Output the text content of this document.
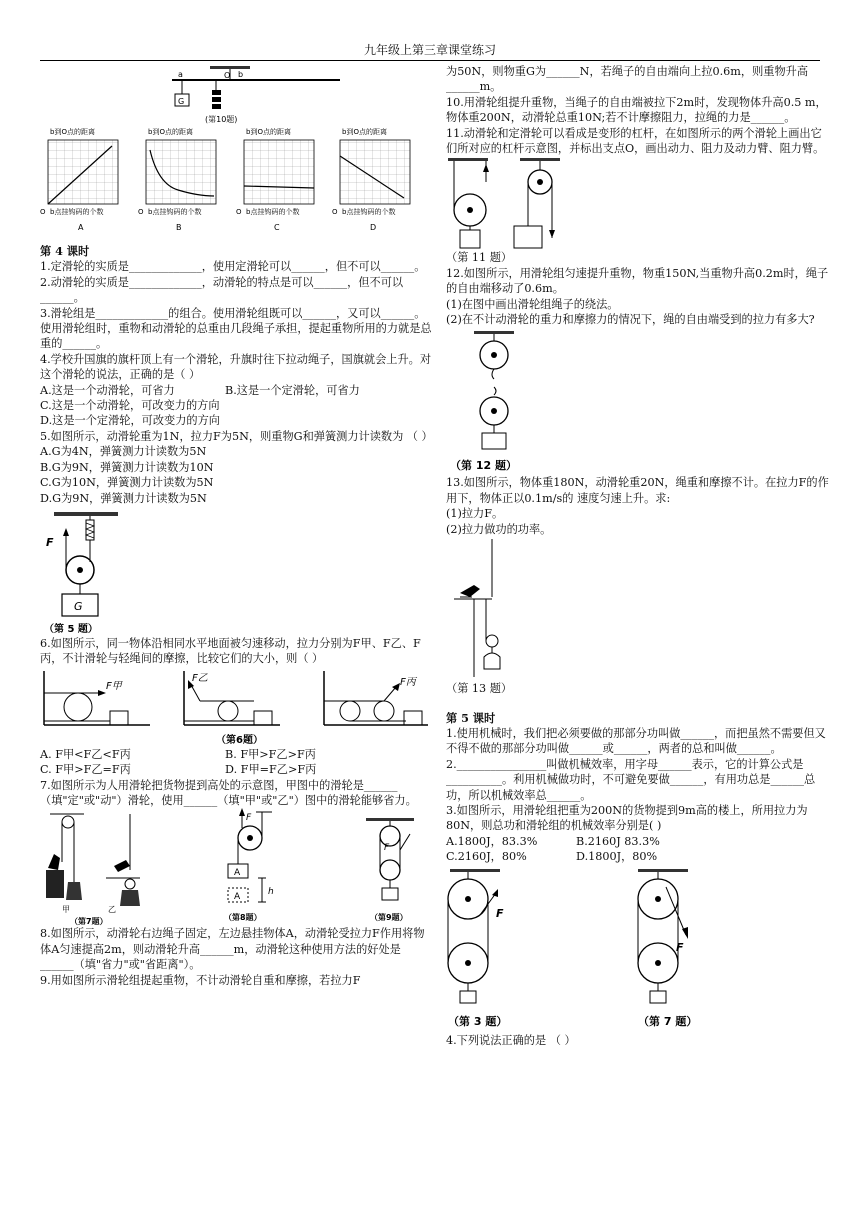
九年级上第三章课堂练习
a	O b
G
(第10题)
b到O点的距离
O b点挂钩码的个数
A
b到O点的距离
O b点挂钩码的个数
B
b到O点的距离
O b点挂钩码的个数
C
b到O点的距离
O b点挂钩码的个数
D

第 4 课时

1.定滑轮的实质是_____________，使用定滑轮可以______，但不可以______。

2.动滑轮的实质是_____________，动滑轮的特点是可以______，但不可以______。

3.滑轮组是_____________的组合。使用滑轮组既可以______，又可以______。使用滑轮组时，重物和动滑轮的总重由几段绳子承担，提起重物所用的力就是总重的______。

4.学校升国旗的旗杆顶上有一个滑轮，升旗时往下拉动绳子，国旗就会上升。对这个滑轮的说法，正确的是（ ）

A.这是一个动滑轮，可省力	B.这是一个定滑轮，可省力

C.这是一个动滑轮，可改变力的方向

D.这是一个定滑轮，可改变力的方向

5.如图所示，动滑轮重为1N，拉力F为5N，则重物G和弹簧测力计读数为 （ ）

A.G为4N，弹簧测力计读数为5N

B.G为9N，弹簧测力计读数为10N

C.G为10N，弹簧测力计读数为5N

D.G为9N，弹簧测力计读数为5N

F
G
（第 5 题）

6.如图所示，同一物体沿相同水平地面被匀速移动，拉力分别为F甲、F乙、F丙，不计滑轮与轻绳间的摩擦，比较它们的大小，则（ ）

F甲
F乙	F丙
（第6题）

A. F甲<F乙<F丙	B. F甲>F乙>F丙

C. F甲>F乙=F丙	D. F甲=F乙>F丙

7.如图所示为人用滑轮把货物提到高处的示意图，甲图中的滑轮是______（填"定"或"动"）滑轮，使用______（填"甲"或"乙"）图中的滑轮能够省力。

甲	乙
（第7题）
F
A
A	h
（第8题）
F
（第9题）

8.如图所示，动滑轮右边绳子固定，左边悬挂物体A，动滑轮受拉力F作用将物体A匀速提高2m，则动滑轮升高______m，动滑轮这种使用方法的好处是______（填"省力"或"省距离"）。

9.用如图所示滑轮组提起重物，不计动滑轮自重和摩擦，若拉力F

为50N，则物重G为______N，若绳子的自由端向上拉0.6m，则重物升高______m。

10.用滑轮组提升重物，当绳子的自由端被拉下2m时，发现物体升高0.5 m，物体重200N，动滑轮总重10N;若不计摩擦阻力，拉绳的力是______。

11.动滑轮和定滑轮可以看成是变形的杠杆，在如图所示的两个滑轮上画出它们所对应的杠杆示意图，并标出支点O，画出动力、阻力及动力臂、阻力臂。

（第 11 题）

12.如图所示，用滑轮组匀速提升重物，物重150N,当重物升高0.2m时，绳子的自由端移动了0.6m。

(1)在图中画出滑轮组绳子的绕法。

(2)在不计动滑轮的重力和摩擦力的情况下，绳的自由端受到的拉力有多大?

（第 12 题）

13.如图所示，物体重180N，动滑轮重20N，绳重和摩擦不计。在拉力F的作用下，物体正以0.1m/s的 速度匀速上升。求:

(1)拉力F。

(2)拉力做功的功率。

（第 13 题）

第 5 课时

1.使用机械时，我们把必须要做的那部分功叫做______，而把虽然不需要但又不得不做的那部分功叫做______或______，两者的总和叫做______。

2.________________叫做机械效率，用字母______表示，它的计算公式是__________。利用机械做功时，不可避免要做______，有用功总是______总功，所以机械效率总______。

3.如图所示，用滑轮组把重为200N的货物提到9m高的楼上，所用拉力为80N，则总功和滑轮组的机械效率分别是( )

A.1800J，83.3%	B.2160J 83.3%

C.2160J，80%	D.1800J，80%

F
（第 3 题）
F
（第 7 题）

4.下列说法正确的是 （ ）
